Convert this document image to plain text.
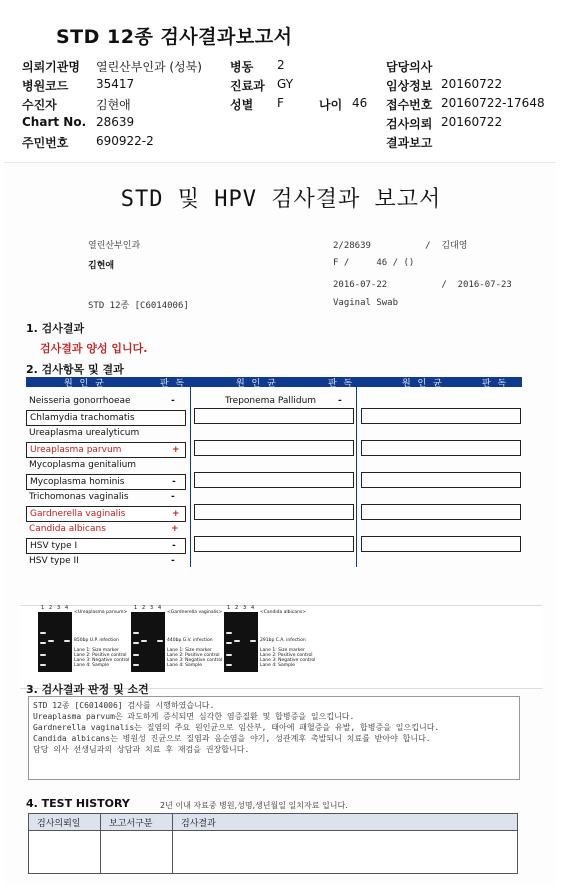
STD 12종 검사결과보고서
의뢰기관명 열린산부인과 (성북) 병동 2	담당의사
병원코드 35417	진료과 GY	임상정보 20160722
수진자	김현애	성별 F	나이 46 접수번호 20160722-17648
Chart No. 28639	검사의뢰 20160722
주민번호 690922-2	결과보고
STD 및 HPV 검사결과 보고서
열린산부인과	2/28639          /  김대영
김현애	F /     46 / ()
2016-07-22          /  2016-07-23
STD 12종 [C6014006]	Vaginal Swab
1. 검사결과
검사결과 양성 입니다.
2. 검사항목 및 결과
원 인 균	판 독	원 인 균	판 독	원 인 균	판 독
Neisseria gonorrhoeae	-
Chlamydia trachomatis
Ureaplasma urealyticum
Ureaplasma parvum	+
Mycoplasma genitalium
Mycoplasma hominis	-
Trichomonas vaginalis	-
Gardnerella vaginalis	+
Candida albicans	+
HSV type I	-
HSV type II	-
Treponema Pallidum -
1 2 3 4
<Ureaplasma parvum>
850bp U.P. infection
Lane 1: Size marker
Lane 2: Positive control
Lane 3: Negative control
Lane 4: Sample
1 2 3 4
<Gardnerella vaginalis>
440bp G.V. infection
Lane 1: Size marker
Lane 2: Positive control
Lane 3: Negative control
Lane 4: Sample
1 2 3 4
<Candida albicans>
291bp C.A. infection
Lane 1: Size marker
Lane 2: Positive control
Lane 3: Negative control
Lane 4: Sample
3. 검사결과 판정 및 소견
STD 12종 [C6014006] 검사를 시행하였습니다.
Ureaplasma parvum은 과도하게 증식되면 심각한 염증질환 및 합병증을 일으킵니다.
Gardnerella vaginalis는 질염의 주요 원인균으로 임산부, 태아에 패혈증을 유발, 합병증을 일으킵니다.
Candida albicans는 병원성 진균으로 질염과 음순염을 야기, 성관계후 촉발되니 치료를 받아야 합니다.
담당 의사 선생님과의 상담과 치료 후 재검을 권장합니다.
4. TEST HISTORY	2년 이내 자료중 병원,성명,생년월일 일치자료 입니다.
검사의뢰일	보고서구분	검사결과
